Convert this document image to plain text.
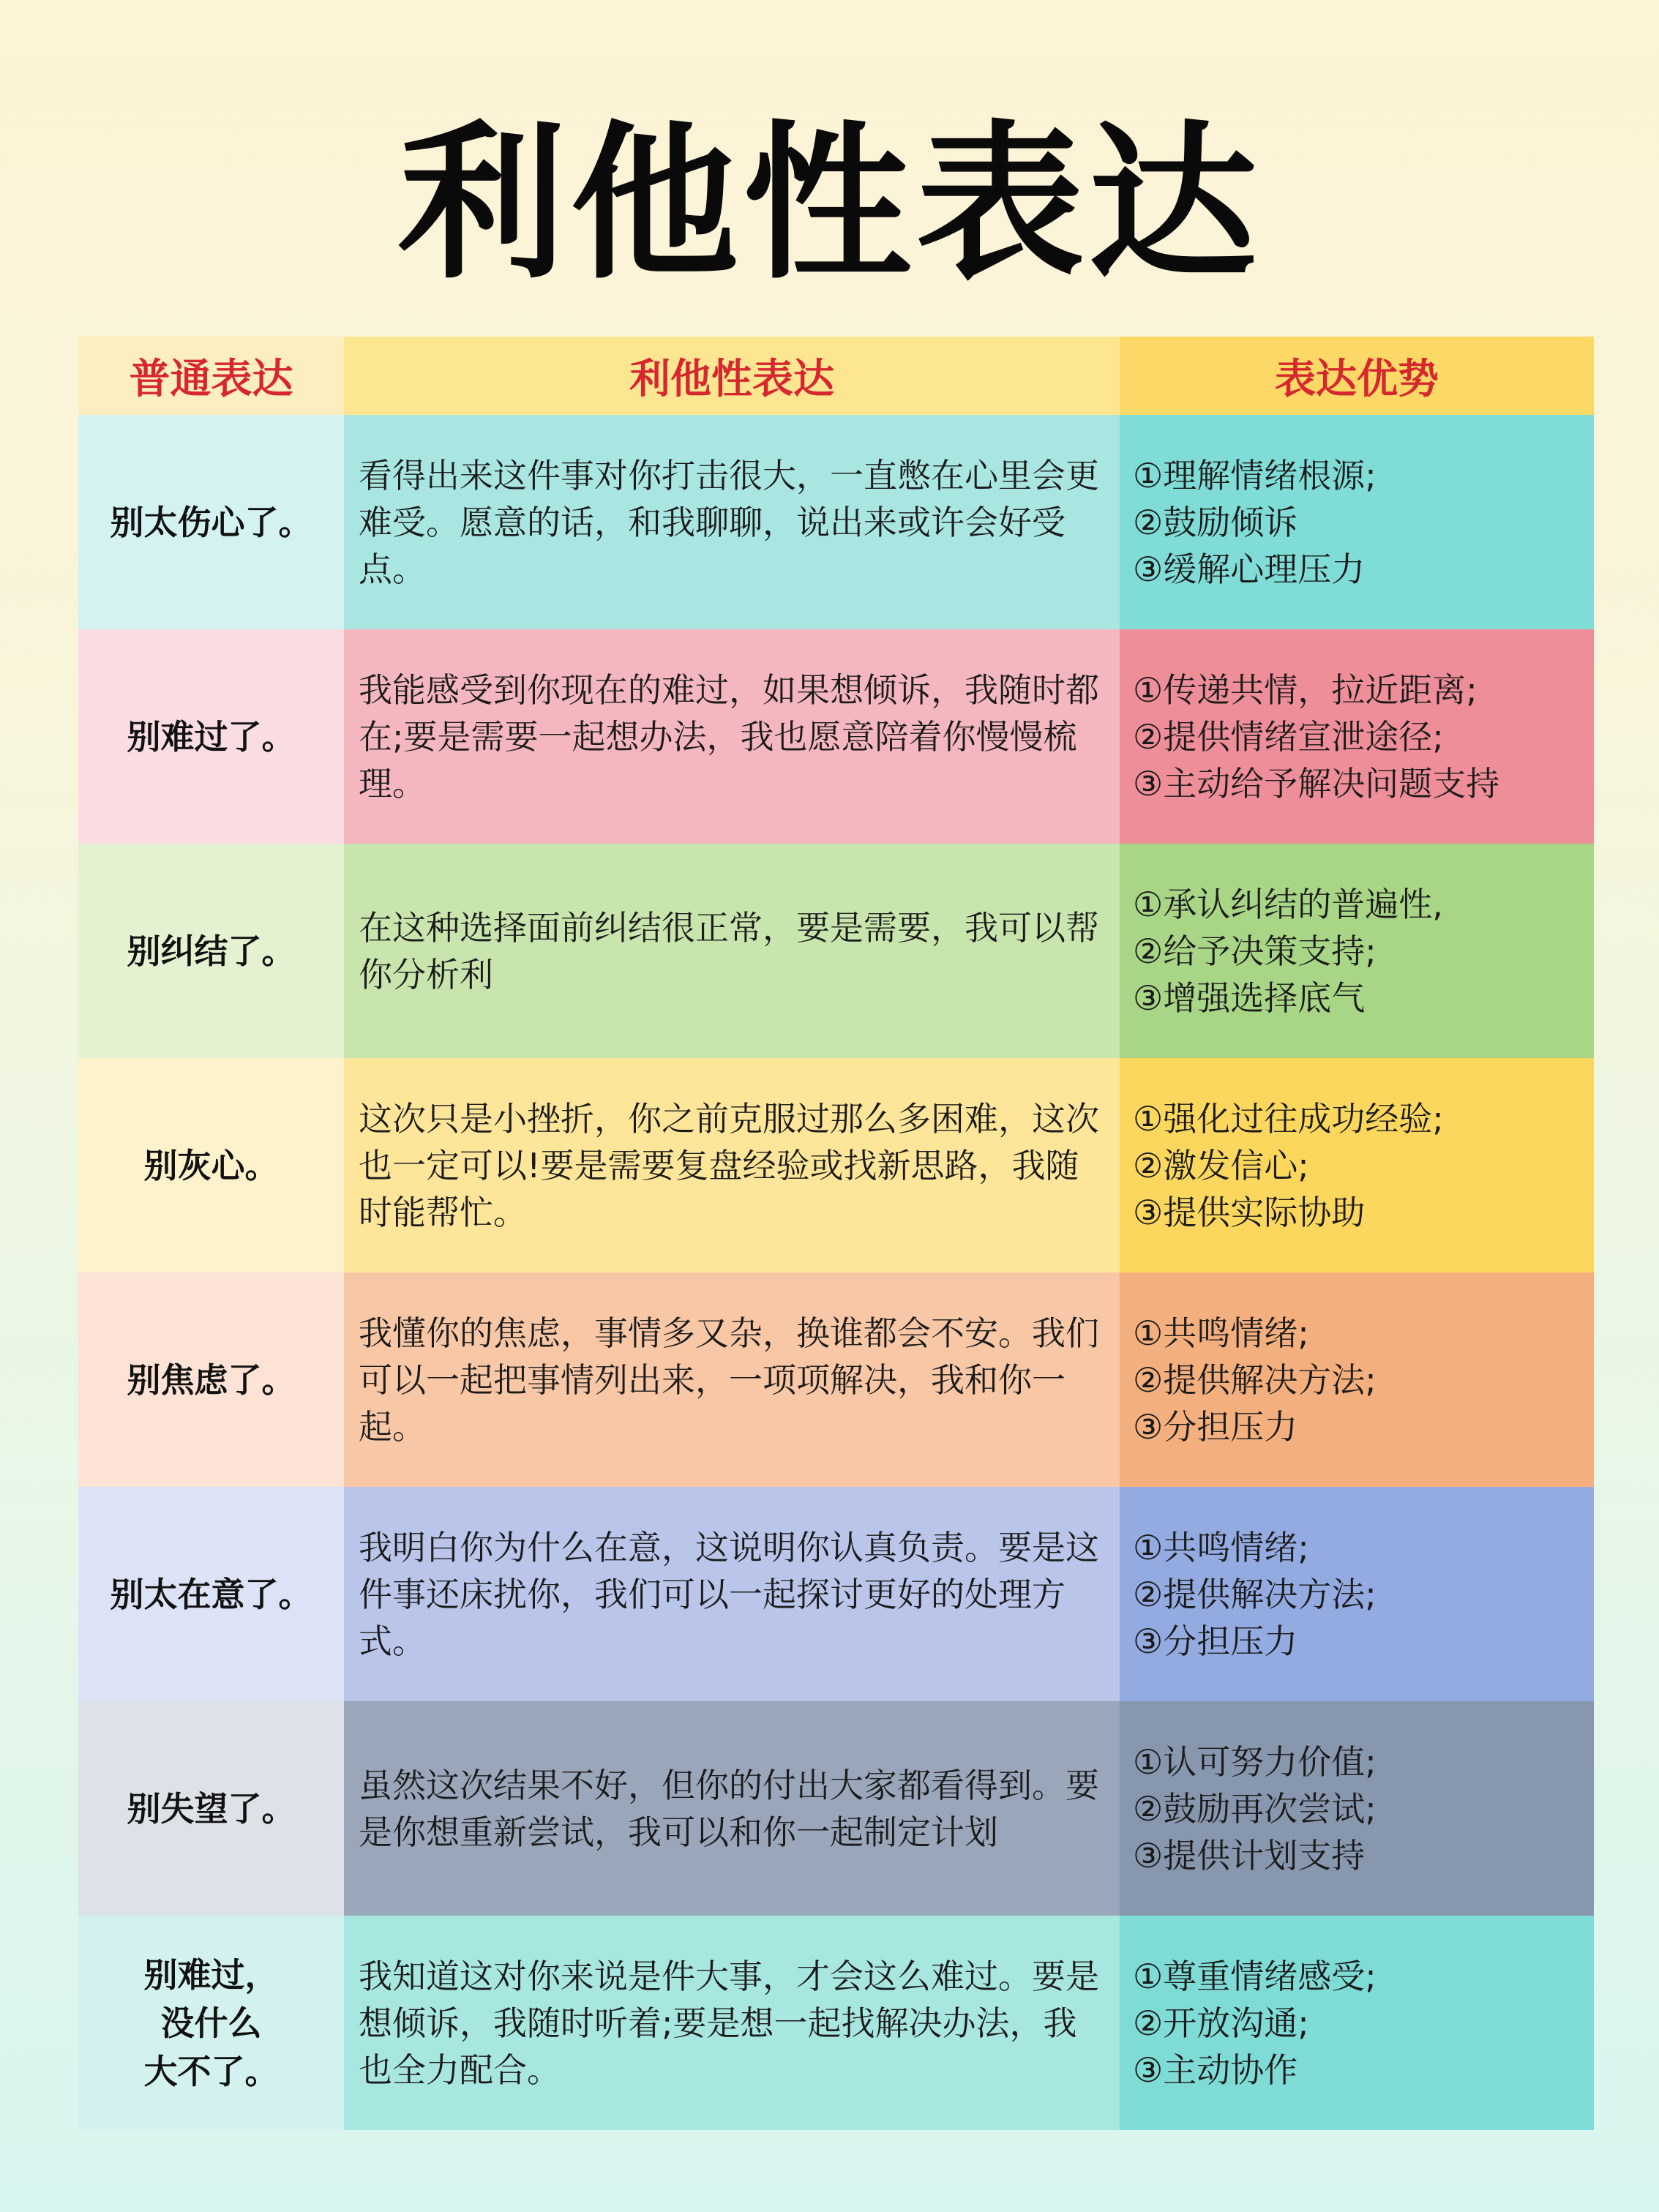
利他性表达
普通表达	利他性表达	表达优势
别太伤心了。
看得出来这件事对你打击很大，一直憋在心里会更难受。愿意的话，和我聊聊，说出来或许会好受点。
①理解情绪根源;
②鼓励倾诉
③缓解心理压力
别难过了。
我能感受到你现在的难过，如果想倾诉，我随时都在;要是需要一起想办法，我也愿意陪着你慢慢梳理。
①传递共情，拉近距离;
②提供情绪宣泄途径;
③主动给予解决问题支持
别纠结了。
在这种选择面前纠结很正常，要是需要，我可以帮你分析利
①承认纠结的普遍性,
②给予决策支持;
③增强选择底气
别灰心。
这次只是小挫折，你之前克服过那么多困难，这次也一定可以!要是需要复盘经验或找新思路，我随时能帮忙。
①强化过往成功经验;
②激发信心;
③提供实际协助
别焦虑了。
我懂你的焦虑，事情多又杂，换谁都会不安。我们可以一起把事情列出来，一项项解决，我和你一起。
①共鸣情绪;
②提供解决方法;
③分担压力
别太在意了。
我明白你为什么在意，这说明你认真负责。要是这件事还床扰你，我们可以一起探讨更好的处理方式。
①共鸣情绪;
②提供解决方法;
③分担压力
别失望了。
虽然这次结果不好，但你的付出大家都看得到。要是你想重新尝试，我可以和你一起制定计划
①认可努力价值;
②鼓励再次尝试;
③提供计划支持
别难过，
没什么
大不了。
我知道这对你来说是件大事，才会这么难过。要是想倾诉，我随时听着;要是想一起找解决办法，我也全力配合。
①尊重情绪感受;
②开放沟通;
③主动协作
